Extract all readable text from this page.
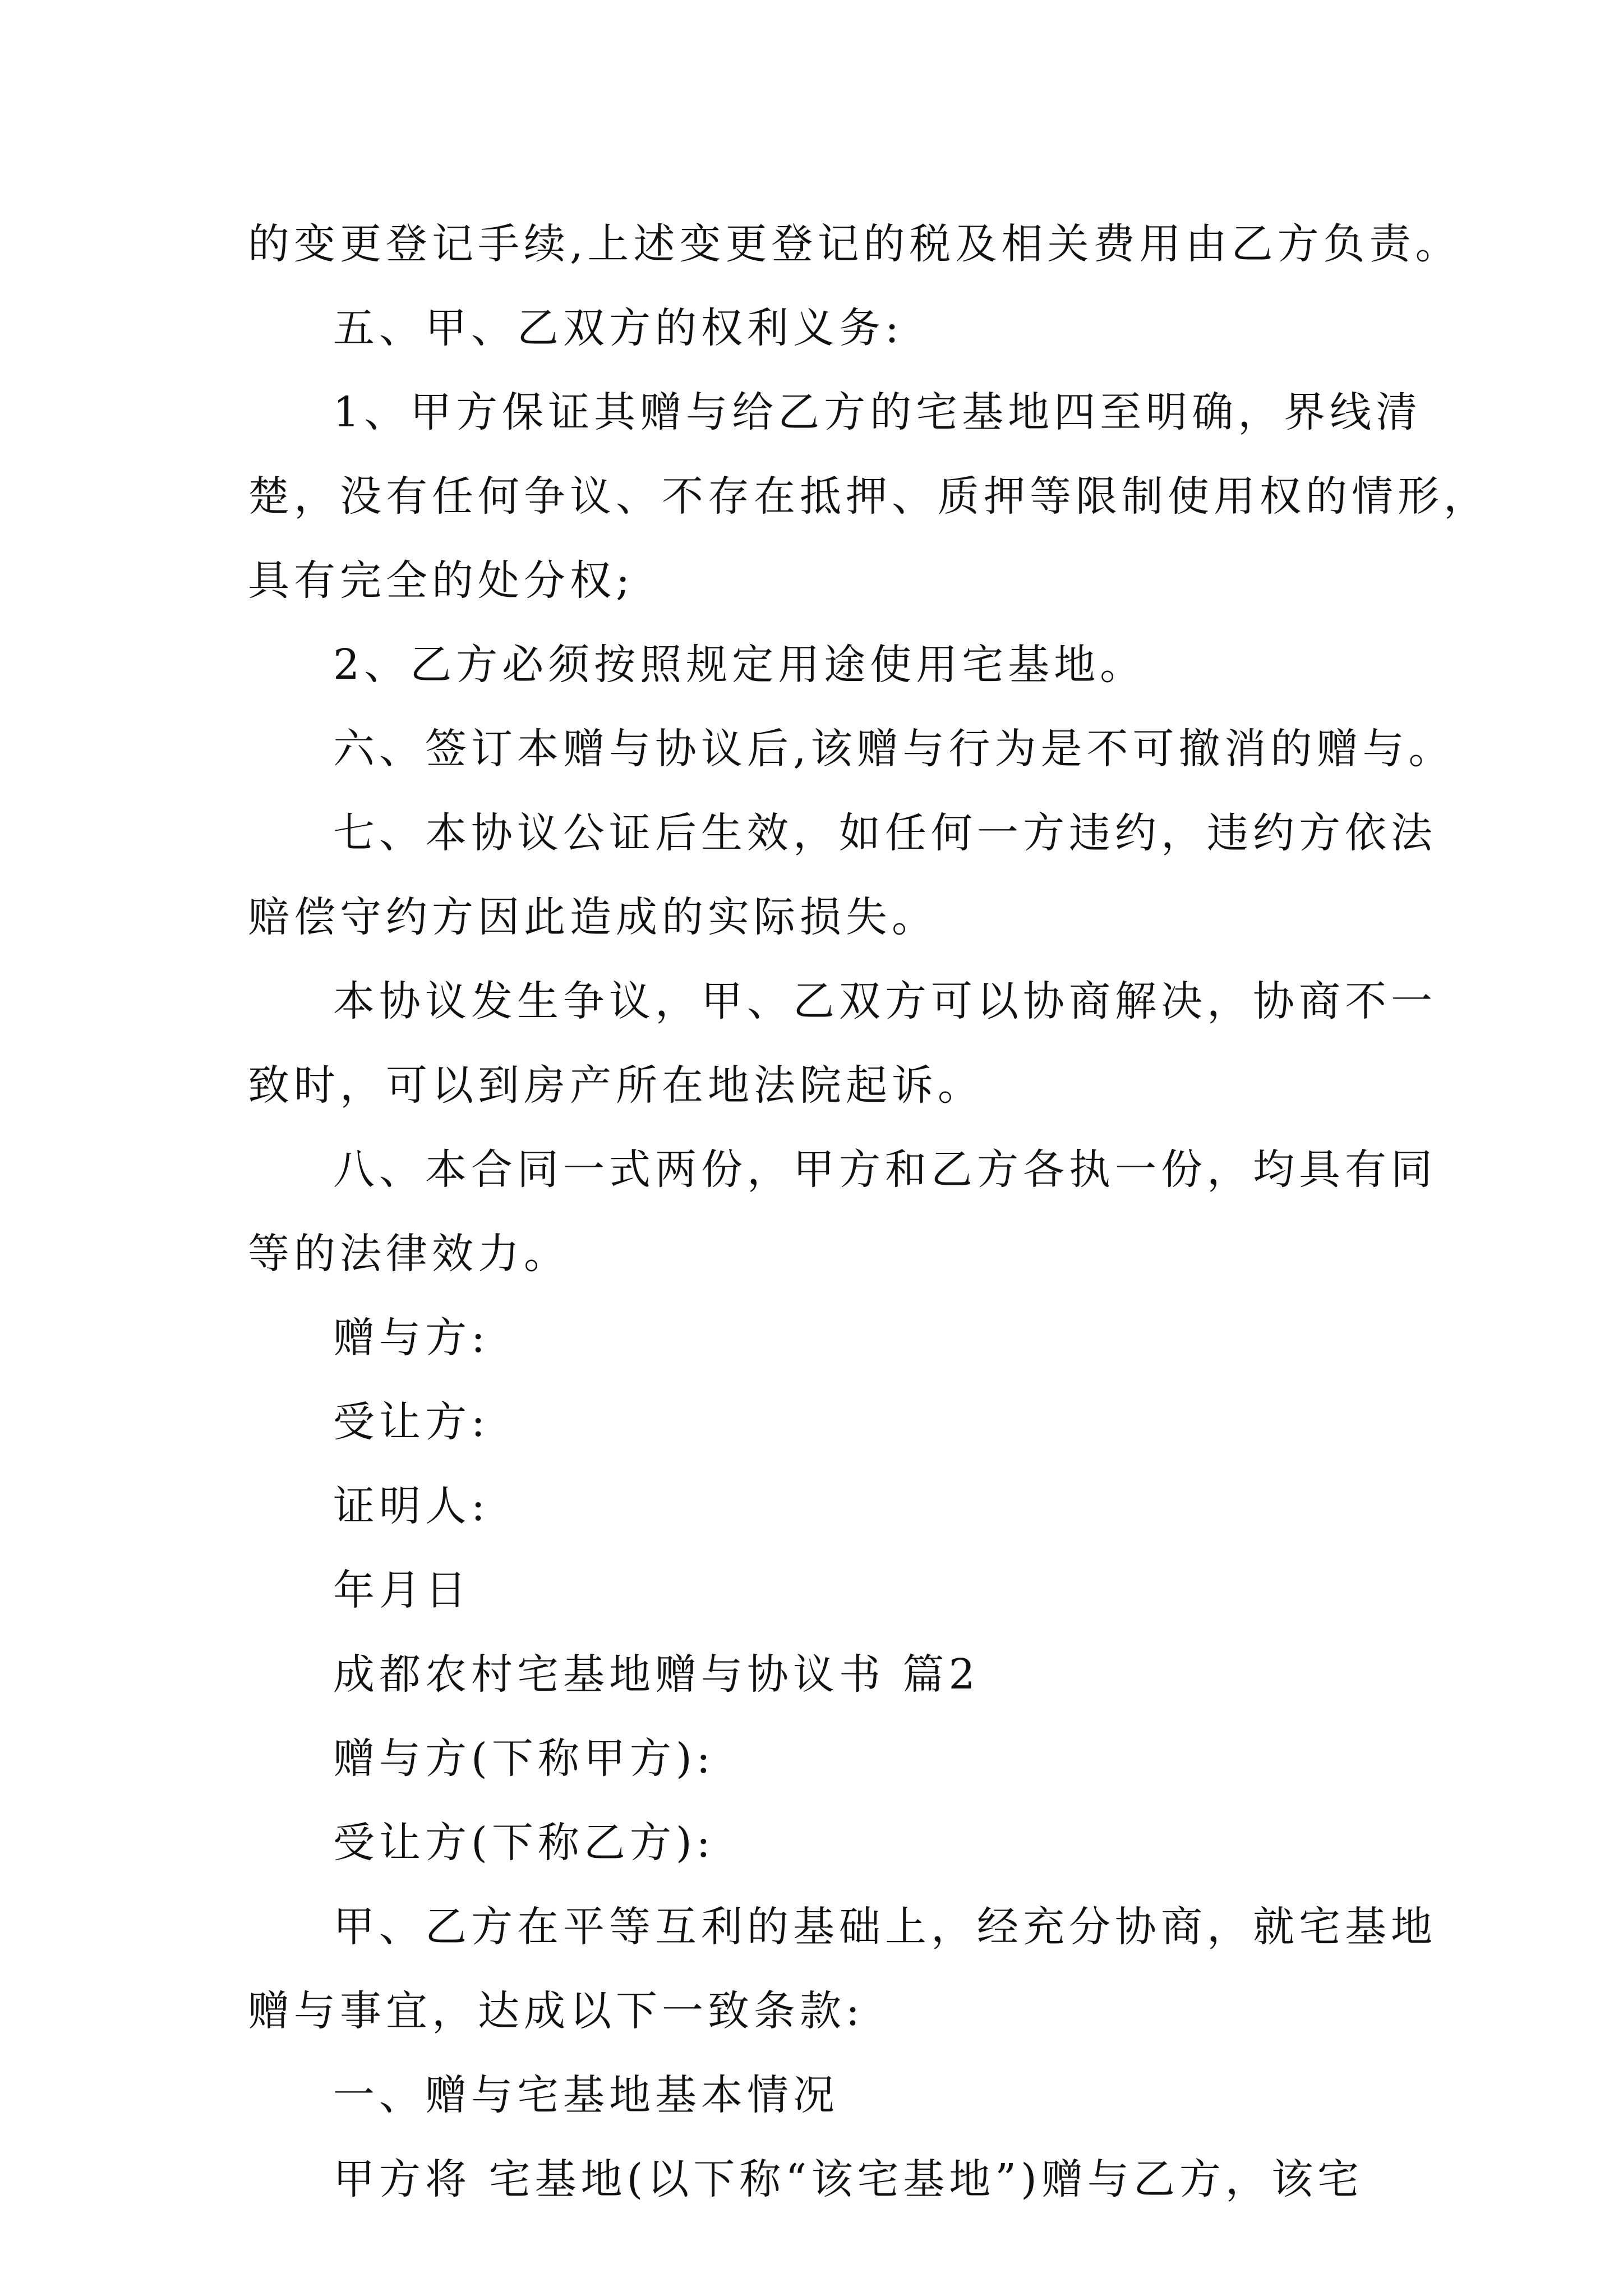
的变更登记手续,上述变更登记的税及相关费用由乙方负责。
五、甲、乙双方的权利义务:
1、甲方保证其赠与给乙方的宅基地四至明确，界线清
楚，没有任何争议、不存在抵押、质押等限制使用权的情形，
具有完全的处分权;
2、乙方必须按照规定用途使用宅基地。
六、签订本赠与协议后,该赠与行为是不可撤消的赠与。
七、本协议公证后生效，如任何一方违约，违约方依法
赔偿守约方因此造成的实际损失。
本协议发生争议，甲、乙双方可以协商解决，协商不一
致时，可以到房产所在地法院起诉。
八、本合同一式两份，甲方和乙方各执一份，均具有同
等的法律效力。
赠与方:
受让方:
证明人:
年月日
成都农村宅基地赠与协议书 篇2
赠与方(下称甲方):
受让方(下称乙方):
甲、乙方在平等互利的基础上，经充分协商，就宅基地
赠与事宜，达成以下一致条款:
一、赠与宅基地基本情况
甲方将 宅基地(以下称“该宅基地”)赠与乙方，该宅
